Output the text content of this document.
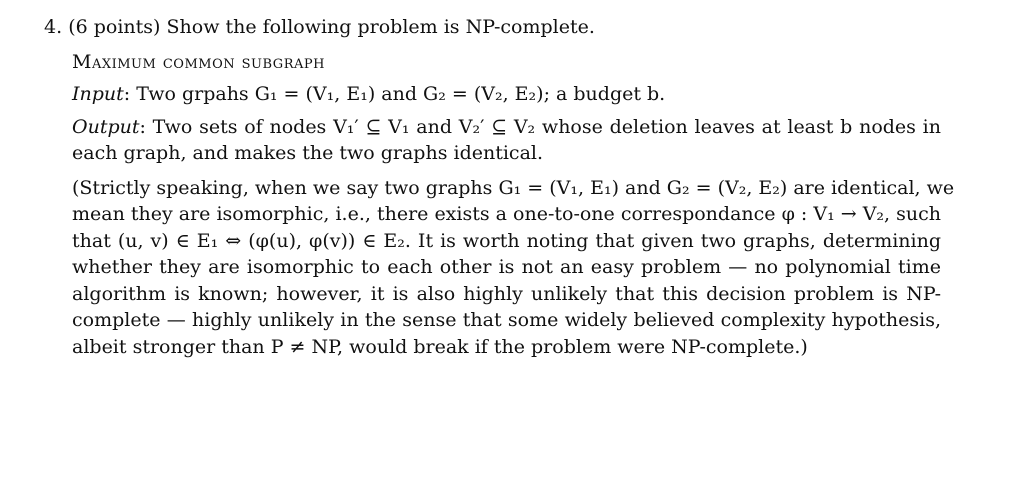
4. (6 points) Show the following problem is NP-complete.
Maximum common subgraph
Input: Two grpahs G₁ = (V₁, E₁) and G₂ = (V₂, E₂); a budget b.
Output: Two sets of nodes V₁′ ⊆ V₁ and V₂′ ⊆ V₂ whose deletion leaves at least b nodes in
each graph, and makes the two graphs identical.
(Strictly speaking, when we say two graphs G₁ = (V₁, E₁) and G₂ = (V₂, E₂) are identical, we
mean they are isomorphic, i.e., there exists a one-to-one correspondance φ : V₁ → V₂, such
that (u, v) ∈ E₁ ⇔ (φ(u), φ(v)) ∈ E₂. It is worth noting that given two graphs, determining
whether they are isomorphic to each other is not an easy problem — no polynomial time
algorithm is known; however, it is also highly unlikely that this decision problem is NP-
complete — highly unlikely in the sense that some widely believed complexity hypothesis,
albeit stronger than P ≠ NP, would break if the problem were NP-complete.)
